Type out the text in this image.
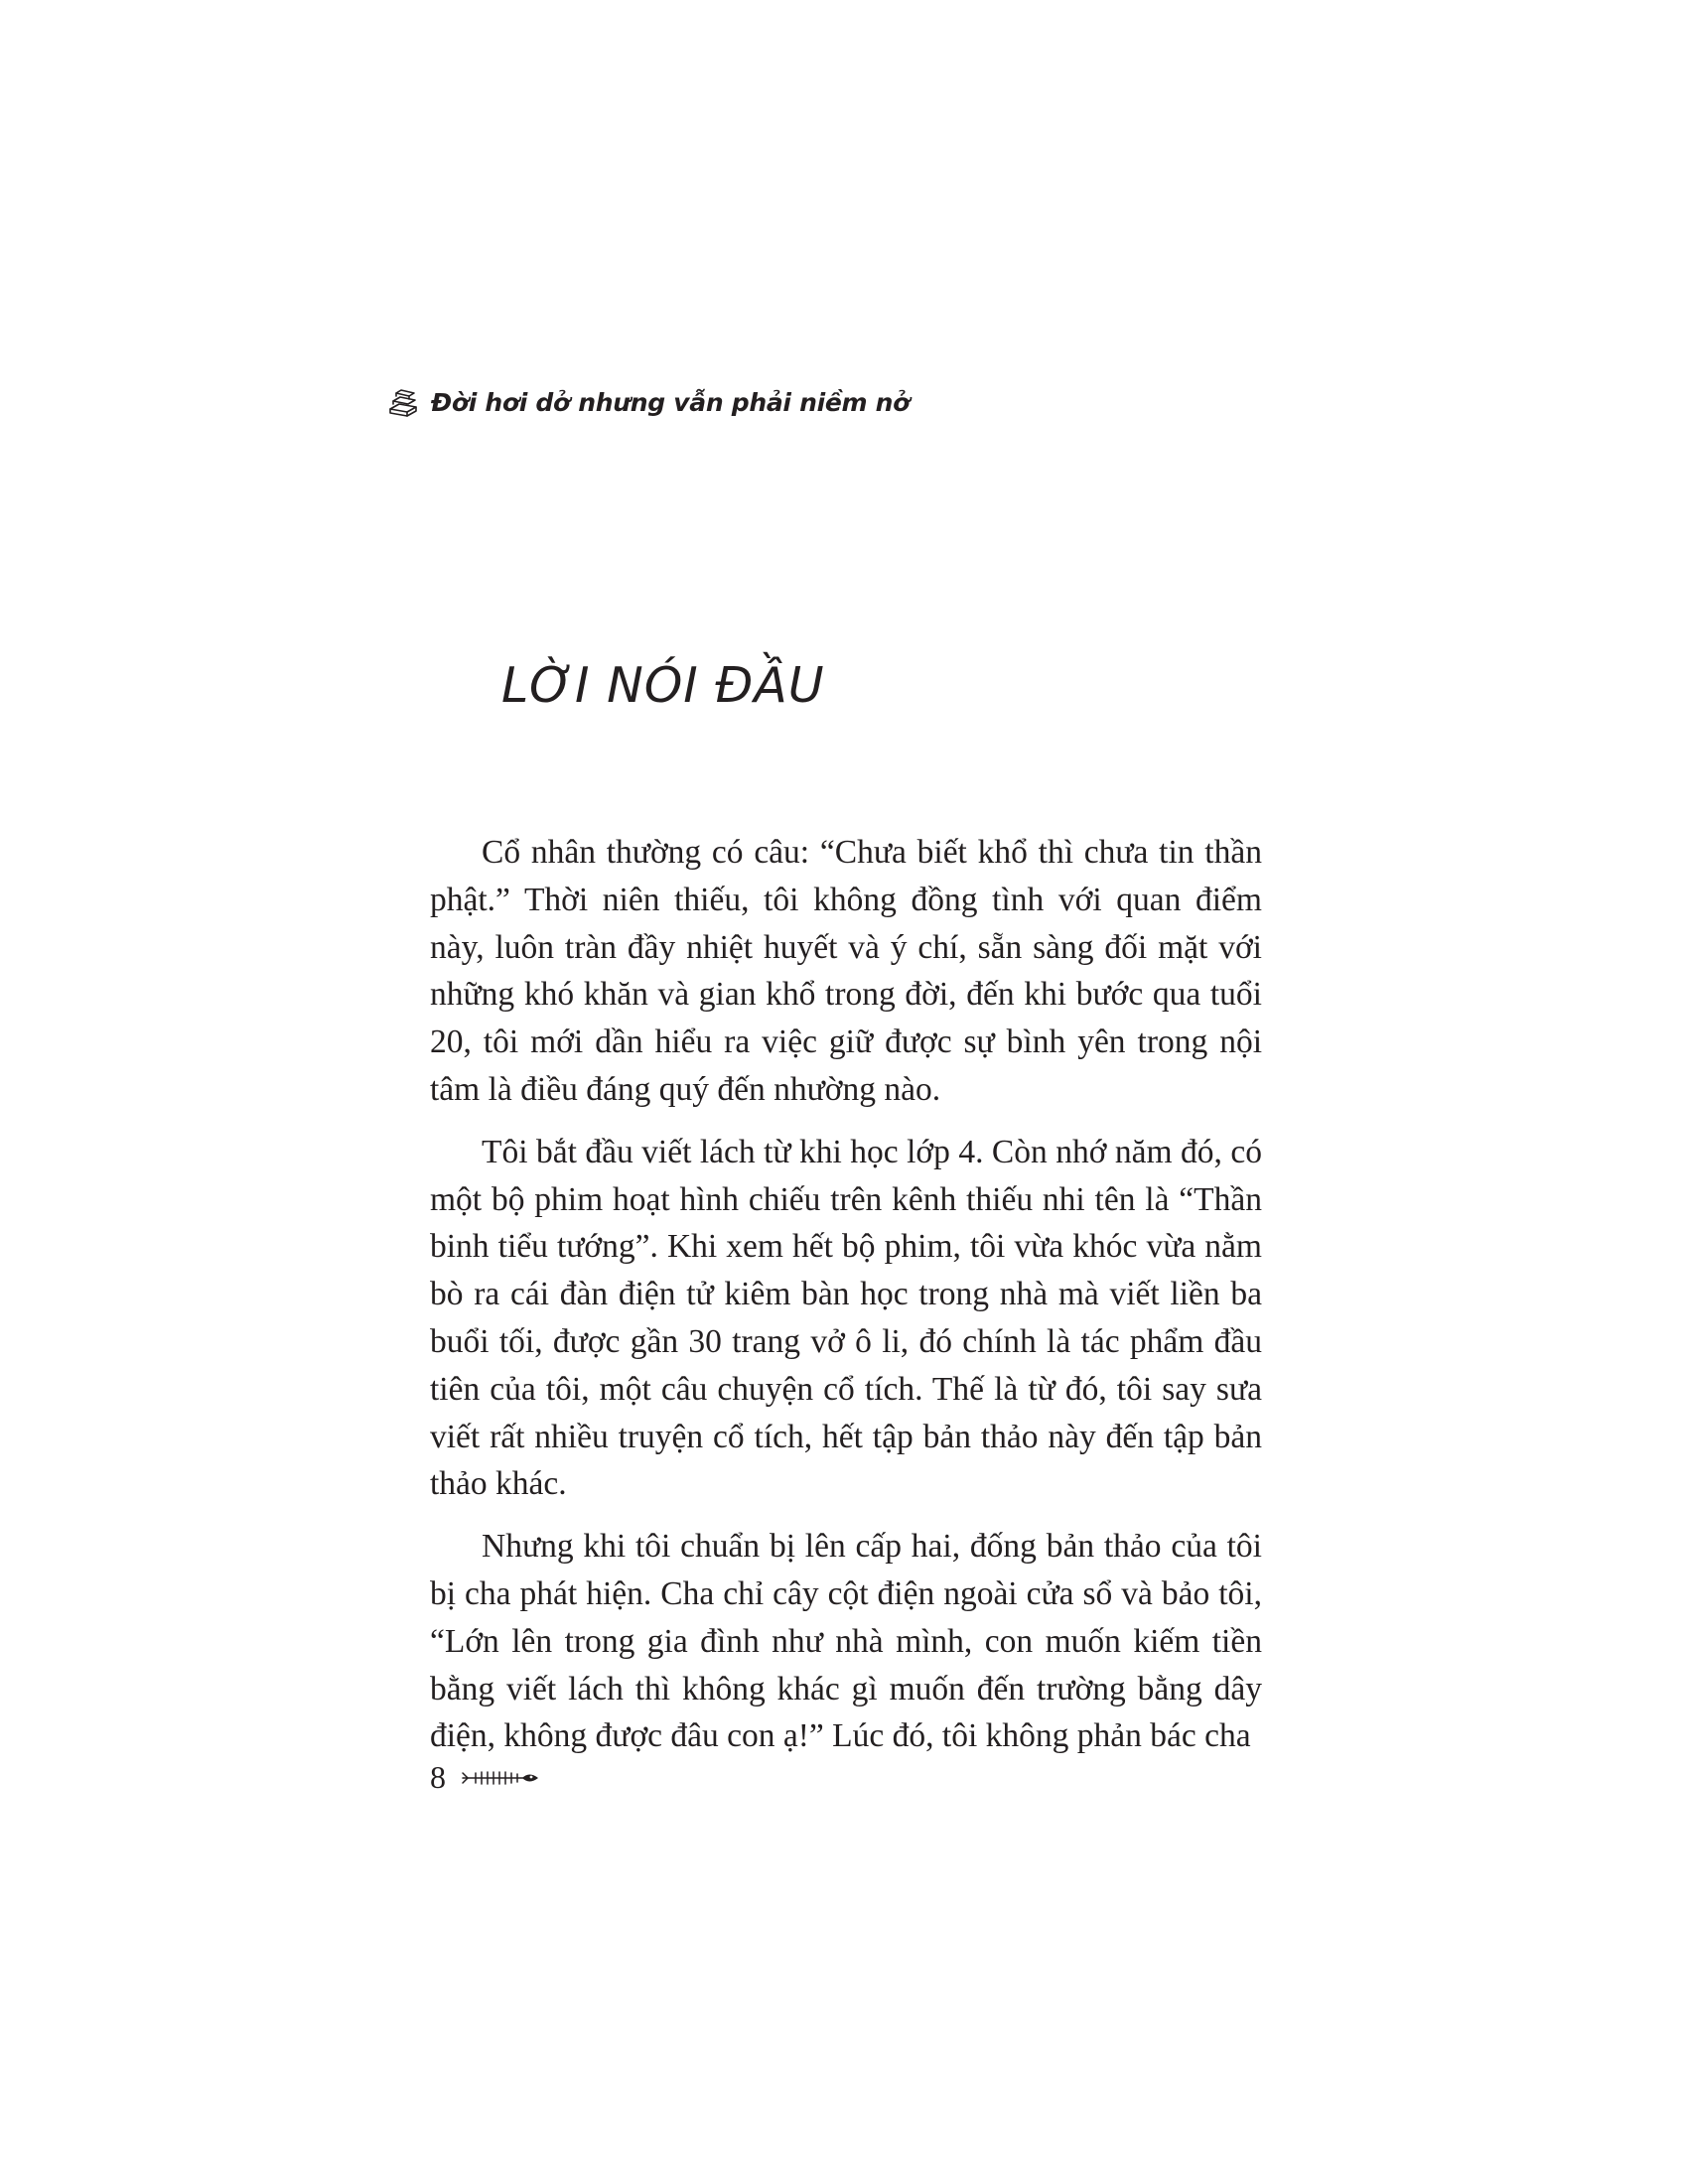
Đời hơi dở nhưng vẫn phải niềm nở
LỜI NÓI ĐẦU

Cổ nhân thường có câu: “Chưa biết khổ thì chưa tin thần phật.” Thời niên thiếu, tôi không đồng tình với quan điểm này, luôn tràn đầy nhiệt huyết và ý chí, sẵn sàng đối mặt với những khó khăn và gian khổ trong đời, đến khi bước qua tuổi 20, tôi mới dần hiểu ra việc giữ được sự bình yên trong nội tâm là điều đáng quý đến nhường nào.

Tôi bắt đầu viết lách từ khi học lớp 4. Còn nhớ năm đó, có một bộ phim hoạt hình chiếu trên kênh thiếu nhi tên là “Thần binh tiểu tướng”. Khi xem hết bộ phim, tôi vừa khóc vừa nằm bò ra cái đàn điện tử kiêm bàn học trong nhà mà viết liền ba buổi tối, được gần 30 trang vở ô li, đó chính là tác phẩm đầu tiên của tôi, một câu chuyện cổ tích. Thế là từ đó, tôi say sưa viết rất nhiều truyện cổ tích, hết tập bản thảo này đến tập bản thảo khác.

Nhưng khi tôi chuẩn bị lên cấp hai, đống bản thảo của tôi bị cha phát hiện. Cha chỉ cây cột điện ngoài cửa sổ và bảo tôi, “Lớn lên trong gia đình như nhà mình, con muốn kiếm tiền bằng viết lách thì không khác gì muốn đến trường bằng dây điện, không được đâu con ạ!” Lúc đó, tôi không phản bác cha

8
